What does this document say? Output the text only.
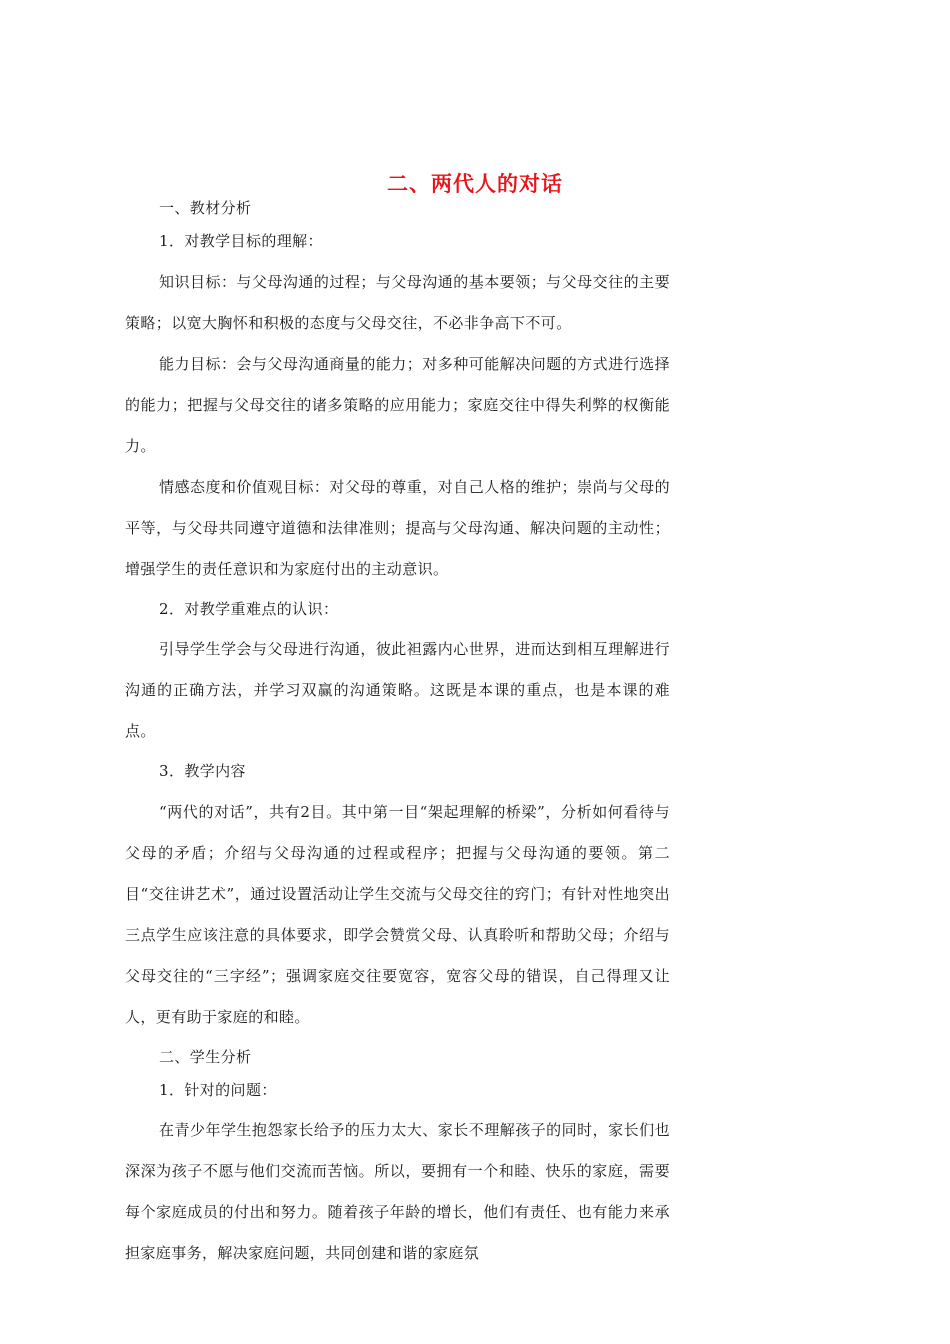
二、两代人的对话

一、教材分析

1．对教学目标的理解：

知识目标：与父母沟通的过程；与父母沟通的基本要领；与父母交往的主要策略；以宽大胸怀和积极的态度与父母交往，不必非争高下不可。

能力目标：会与父母沟通商量的能力；对多种可能解决问题的方式进行选择的能力；把握与父母交往的诸多策略的应用能力；家庭交往中得失利弊的权衡能力。

情感态度和价值观目标：对父母的尊重，对自己人格的维护；崇尚与父母的平等，与父母共同遵守道德和法律准则；提高与父母沟通、解决问题的主动性；增强学生的责任意识和为家庭付出的主动意识。

2．对教学重难点的认识：

引导学生学会与父母进行沟通，彼此袒露内心世界，进而达到相互理解进行沟通的正确方法，并学习双赢的沟通策略。这既是本课的重点，也是本课的难点。

3．教学内容

“两代的对话”，共有2目。其中第一目“架起理解的桥梁”，分析如何看待与父母的矛盾；介绍与父母沟通的过程或程序；把握与父母沟通的要领。第二目“交往讲艺术”，通过设置活动让学生交流与父母交往的窍门；有针对性地突出三点学生应该注意的具体要求，即学会赞赏父母、认真聆听和帮助父母；介绍与父母交往的“三字经”；强调家庭交往要宽容，宽容父母的错误，自己得理又让人，更有助于家庭的和睦。

二、学生分析

1．针对的问题：

在青少年学生抱怨家长给予的压力太大、家长不理解孩子的同时，家长们也深深为孩子不愿与他们交流而苦恼。所以，要拥有一个和睦、快乐的家庭，需要每个家庭成员的付出和努力。随着孩子年龄的增长，他们有责任、也有能力来承担家庭事务，解决家庭问题，共同创建和谐的家庭氛
